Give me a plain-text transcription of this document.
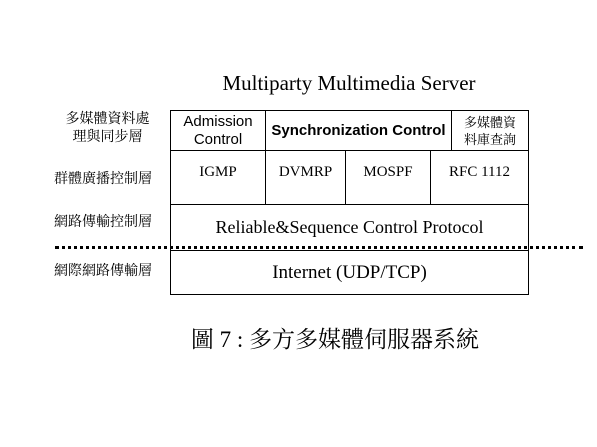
Multiparty Multimedia Server
多媒體資料處
理與同步層
群體廣播控制層
網路傳輸控制層
網際網路傳輸層
Admission
Control	Synchronization Control 多媒體資
料庫查詢
IGMP	DVMRP MOSPF RFC 1112
Reliable&Sequence Control Protocol
Internet (UDP/TCP)
圖 7 : 多方多媒體伺服器系統
